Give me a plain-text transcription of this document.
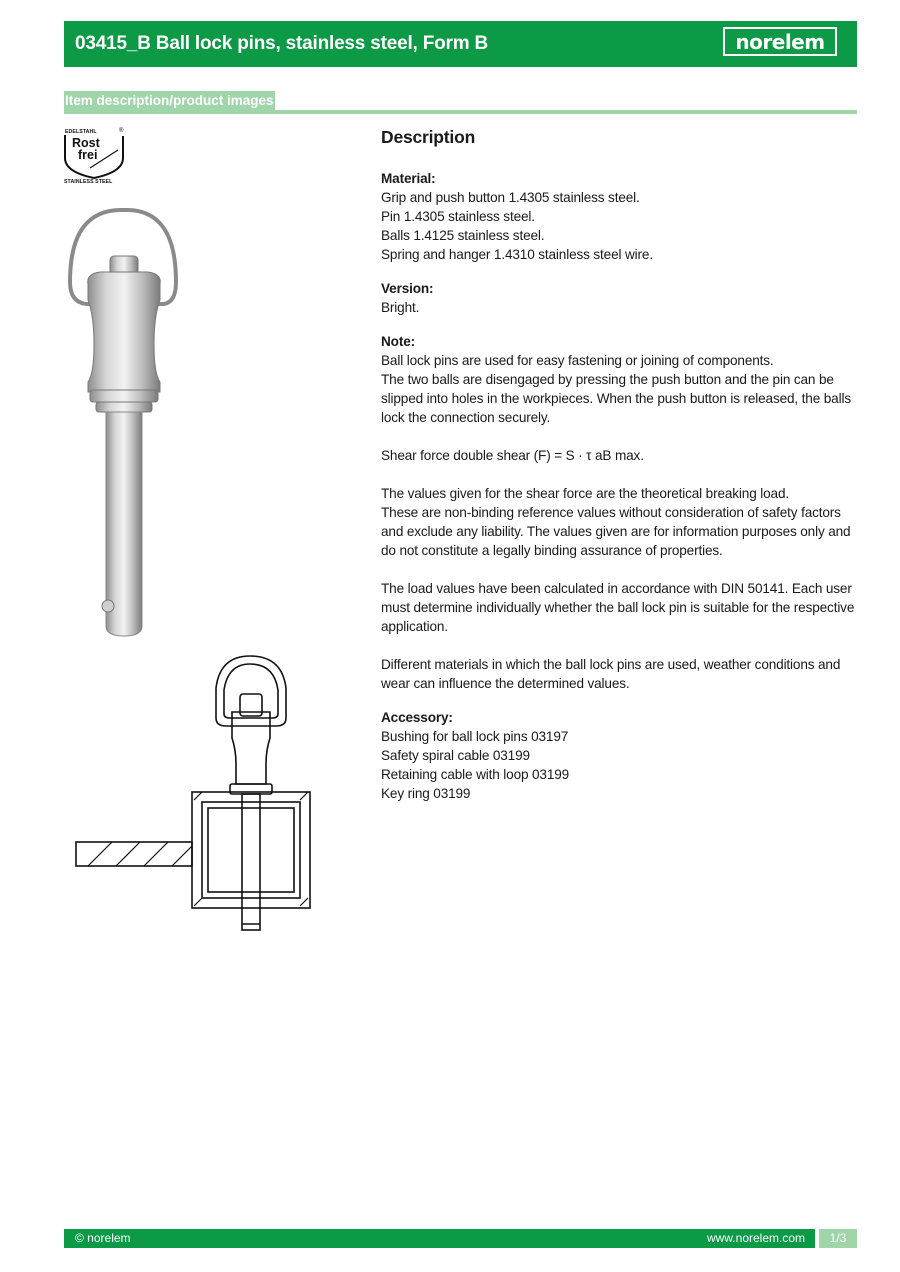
03415_B Ball lock pins, stainless steel, Form B	norelem
Item description/product images
EDELSTAHL	®
Rost
frei
STAINLESS STEEL
Description
Material:
Grip and push button 1.4305 stainless steel.
Pin 1.4305 stainless steel.
Balls 1.4125 stainless steel.
Spring and hanger 1.4310 stainless steel wire.
Version:
Bright.
Note:
Ball lock pins are used for easy fastening or joining of components.
The two balls are disengaged by pressing the push button and the pin can be slipped into holes in the workpieces. When the push button is released, the balls lock the connection securely.
Shear force double shear (F) = S · τ aB max.
The values given for the shear force are the theoretical breaking load.
These are non-binding reference values without consideration of safety factors and exclude any liability. The values given are for information purposes only and do not constitute a legally binding assurance of properties.
The load values have been calculated in accordance with DIN 50141. Each user must determine individually whether the ball lock pin is suitable for the respective application.
Different materials in which the ball lock pins are used, weather conditions and wear can influence the determined values.
Accessory:
Bushing for ball lock pins 03197
Safety spiral cable 03199
Retaining cable with loop 03199
Key ring 03199
© norelem	www.norelem.com	1/3
